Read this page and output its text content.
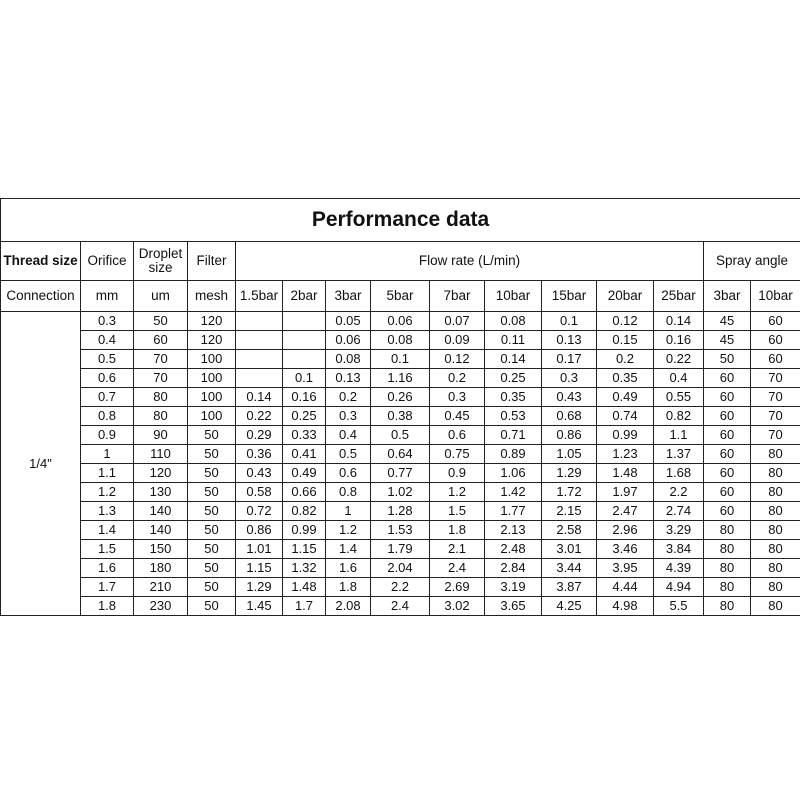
Performance data														
Thread size	Orifice	Droplet size	Filter	Flow rate (L/min)									Spray angle	
Connection	mm	um	mesh	1.5bar	2bar	3bar	5bar	7bar	10bar	15bar	20bar	25bar	3bar	10bar
1/4"	0.3	50	120			0.05	0.06	0.07	0.08	0.1	0.12	0.14	45	60
	0.4	60	120			0.06	0.08	0.09	0.11	0.13	0.15	0.16	45	60
	0.5	70	100			0.08	0.1	0.12	0.14	0.17	0.2	0.22	50	60
	0.6	70	100		0.1	0.13	1.16	0.2	0.25	0.3	0.35	0.4	60	70
	0.7	80	100	0.14	0.16	0.2	0.26	0.3	0.35	0.43	0.49	0.55	60	70
	0.8	80	100	0.22	0.25	0.3	0.38	0.45	0.53	0.68	0.74	0.82	60	70
	0.9	90	50	0.29	0.33	0.4	0.5	0.6	0.71	0.86	0.99	1.1	60	70
	1	110	50	0.36	0.41	0.5	0.64	0.75	0.89	1.05	1.23	1.37	60	80
	1.1	120	50	0.43	0.49	0.6	0.77	0.9	1.06	1.29	1.48	1.68	60	80
	1.2	130	50	0.58	0.66	0.8	1.02	1.2	1.42	1.72	1.97	2.2	60	80
	1.3	140	50	0.72	0.82	1	1.28	1.5	1.77	2.15	2.47	2.74	60	80
	1.4	140	50	0.86	0.99	1.2	1.53	1.8	2.13	2.58	2.96	3.29	80	80
	1.5	150	50	1.01	1.15	1.4	1.79	2.1	2.48	3.01	3.46	3.84	80	80
	1.6	180	50	1.15	1.32	1.6	2.04	2.4	2.84	3.44	3.95	4.39	80	80
	1.7	210	50	1.29	1.48	1.8	2.2	2.69	3.19	3.87	4.44	4.94	80	80
	1.8	230	50	1.45	1.7	2.08	2.4	3.02	3.65	4.25	4.98	5.5	80	80
